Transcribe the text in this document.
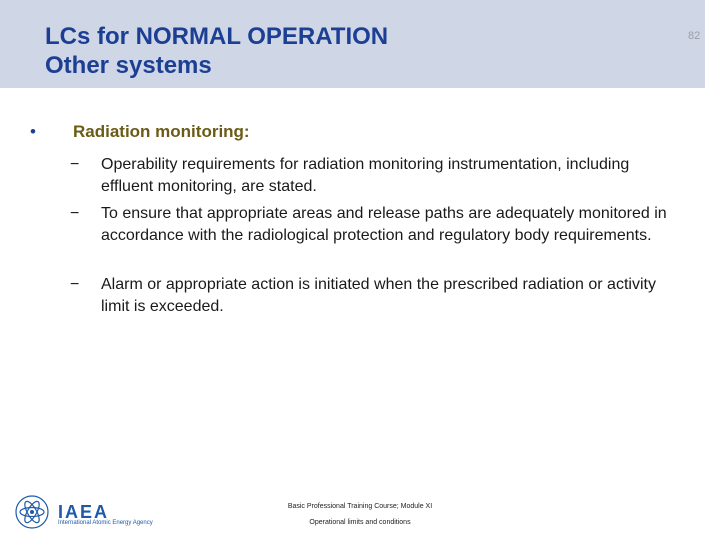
LCs for NORMAL OPERATION
Other systems
82
• Radiation monitoring:
− Operability requirements for radiation monitoring instrumentation, including effluent monitoring, are stated.
− To ensure that appropriate areas and release paths are adequately monitored in accordance with the radiological protection and regulatory body requirements.
− Alarm or appropriate action is initiated when the prescribed radiation or activity limit is exceeded.
IAEA
International Atomic Energy Agency
Basic Professional Training Course; Module XI
Operational limits and conditions
